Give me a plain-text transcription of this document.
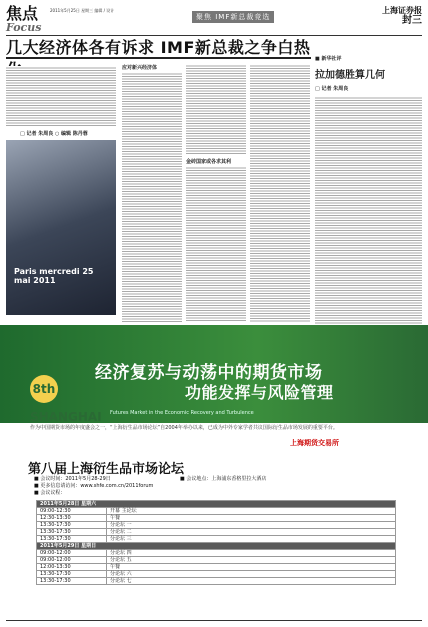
焦点
Focus
2011年5月25日 星期三 编辑 / 设计
聚焦 IMF新总裁竞选
上海证券报
封三
几大经济体各有诉求 IMF新总裁之争白热
□ 记者 朱周良 ○ 编辑 陈丹蓉
Paris mercredi 25 mai 2011
应对新兴经济体
金砖国家或各求其利
■ 新华社评
拉加德胜算几何
□ 记者 朱周良
8th SHANGHAI
经济复苏与动荡中的期货市场
功能发挥与风险管理
Futures Market in the Economic Recovery and Turbulence
作为中国期货市场的年度盛会之一，“上海衍生品市场论坛”自2004年举办以来，已成为中外专家学者共议国际衍生品市场发展的重要平台。
上海期货交易所
第八届上海衍生品市场论坛
■ 会议时间：2011年5月28-29日
■ 更多信息请访问：www.shfe.com.cn/2011forum
■ 会议议程：
■ 会议地点：上海浦东香格里拉大酒店
2011年5月28日 星期六	
09:00-12:30	开幕 主论坛
12:30-13:30	午餐
13:30-17:30	分论坛 一
13:30-17:30	分论坛 二
13:30-17:30	分论坛 三
2011年5月29日 星期日	
09:00-12:00	分论坛 四
09:00-12:00	分论坛 五
12:00-13:30	午餐
13:30-17:30	分论坛 六
13:30-17:30	分论坛 七
